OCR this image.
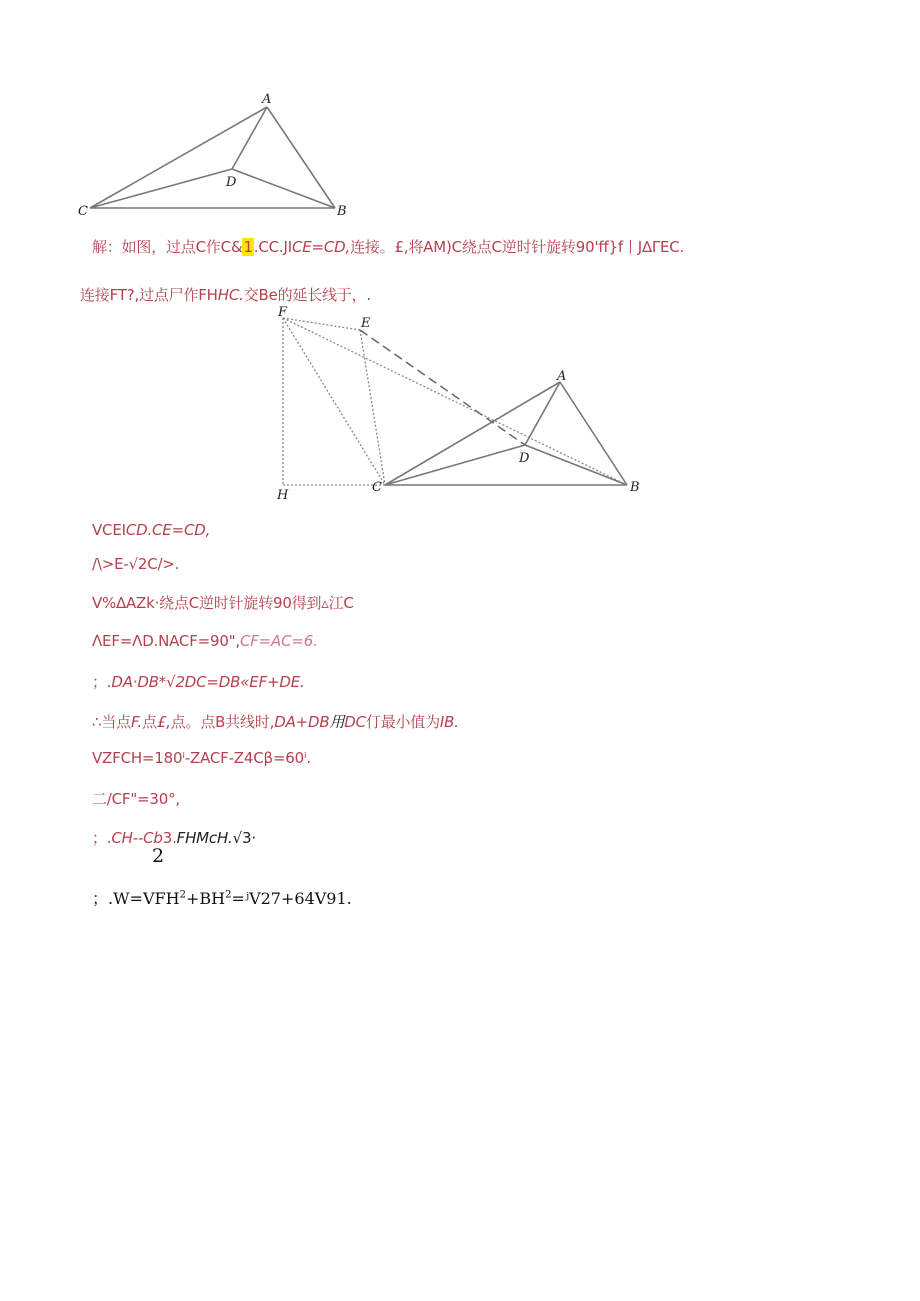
A
B
C
D
解：如图，过点C作C&1.CC.JICE=CD,连接。£,将AM)C绕点C逆时针旋转90'ff}f丨J∆ΓEC.
连接FT?,过点尸作FHHC.交Be的延长线于，.
F
E
A
D
C	B
H
VCEICD.CE=CD,
/\>E-√2C/>.
V%∆AZk·绕点C逆时针旋转90得到▵江C
ΛEF=ΛD.NACF=90",CF=AC=6.
；.DA·DB*√2DC=DB«EF+DE.
∴当点F.点£,点。点B共线时,DA+DB用DC仃最小值为IB.
VZFCH=180ⁱ-ZACF-Z4Cβ=60ⁱ.
二/CF"=30°,
；.CH--Cb3.FHMcH.√3·
2
；$.W=VFH^2+BH^2=ʲV27+64V91$.
